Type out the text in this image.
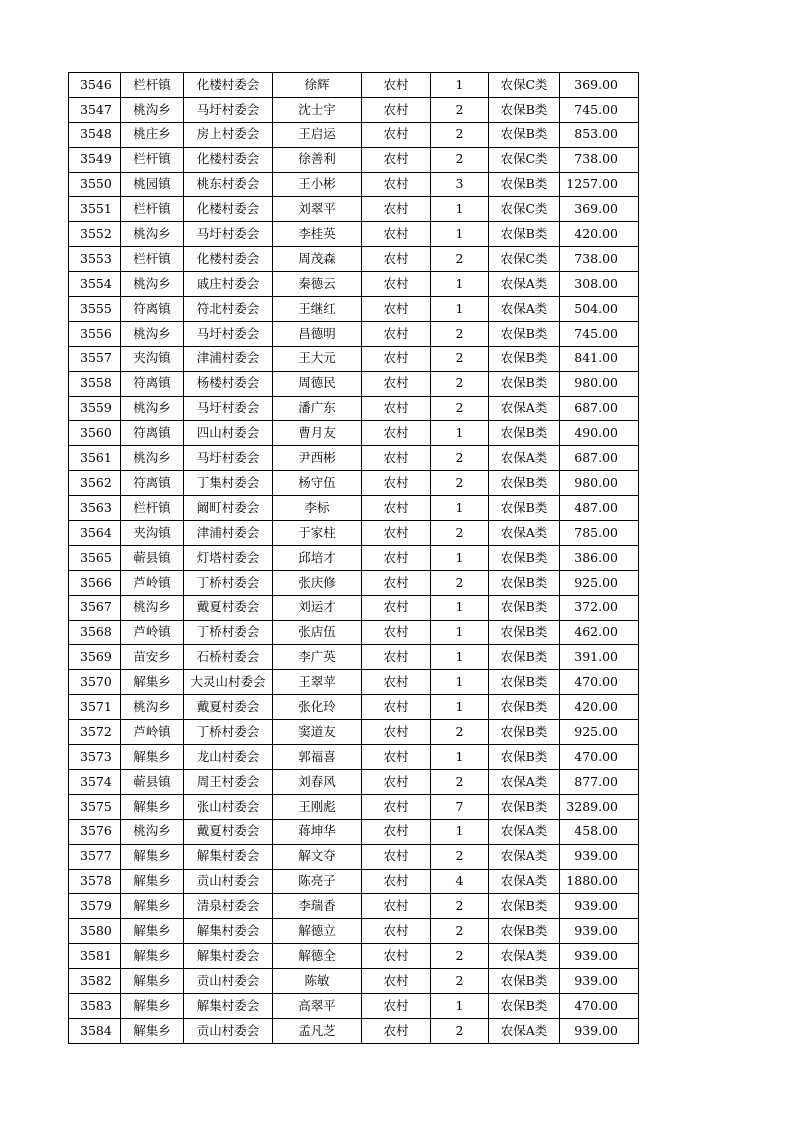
3546	栏杆镇	化楼村委会	徐辉	农村	1	农保C类	369.00
3547	桃沟乡	马圩村委会	沈士宇	农村	2	农保B类	745.00
3548	桃庄乡	房上村委会	王启运	农村	2	农保B类	853.00
3549	栏杆镇	化楼村委会	徐善利	农村	2	农保C类	738.00
3550	桃园镇	桃东村委会	王小彬	农村	3	农保B类	1257.00
3551	栏杆镇	化楼村委会	刘翠平	农村	1	农保C类	369.00
3552	桃沟乡	马圩村委会	李桂英	农村	1	农保B类	420.00
3553	栏杆镇	化楼村委会	周茂森	农村	2	农保C类	738.00
3554	桃沟乡	戚庄村委会	秦德云	农村	1	农保A类	308.00
3555	符离镇	符北村委会	王继红	农村	1	农保A类	504.00
3556	桃沟乡	马圩村委会	昌德明	农村	2	农保B类	745.00
3557	夹沟镇	津浦村委会	王大元	农村	2	农保B类	841.00
3558	符离镇	杨楼村委会	周德民	农村	2	农保B类	980.00
3559	桃沟乡	马圩村委会	潘广东	农村	2	农保A类	687.00
3560	符离镇	四山村委会	曹月友	农村	1	农保B类	490.00
3561	桃沟乡	马圩村委会	尹西彬	农村	2	农保A类	687.00
3562	符离镇	丁集村委会	杨守伍	农村	2	农保B类	980.00
3563	栏杆镇	阚町村委会	李标	农村	1	农保B类	487.00
3564	夹沟镇	津浦村委会	于家柱	农村	2	农保A类	785.00
3565	蕲县镇	灯塔村委会	邱培才	农村	1	农保B类	386.00
3566	芦岭镇	丁桥村委会	张庆修	农村	2	农保B类	925.00
3567	桃沟乡	戴夏村委会	刘运才	农村	1	农保B类	372.00
3568	芦岭镇	丁桥村委会	张店伍	农村	1	农保B类	462.00
3569	苗安乡	石桥村委会	李广英	农村	1	农保B类	391.00
3570	解集乡	大灵山村委会	王翠苹	农村	1	农保B类	470.00
3571	桃沟乡	戴夏村委会	张化玲	农村	1	农保B类	420.00
3572	芦岭镇	丁桥村委会	窦道友	农村	2	农保B类	925.00
3573	解集乡	龙山村委会	郭福喜	农村	1	农保B类	470.00
3574	蕲县镇	周王村委会	刘春风	农村	2	农保A类	877.00
3575	解集乡	张山村委会	王刚彪	农村	7	农保B类	3289.00
3576	桃沟乡	戴夏村委会	蒋坤华	农村	1	农保A类	458.00
3577	解集乡	解集村委会	解文夺	农村	2	农保A类	939.00
3578	解集乡	贡山村委会	陈亮子	农村	4	农保A类	1880.00
3579	解集乡	清泉村委会	李瑞香	农村	2	农保B类	939.00
3580	解集乡	解集村委会	解德立	农村	2	农保B类	939.00
3581	解集乡	解集村委会	解德全	农村	2	农保A类	939.00
3582	解集乡	贡山村委会	陈敏	农村	2	农保B类	939.00
3583	解集乡	解集村委会	高翠平	农村	1	农保B类	470.00
3584	解集乡	贡山村委会	孟凡芝	农村	2	农保A类	939.00
